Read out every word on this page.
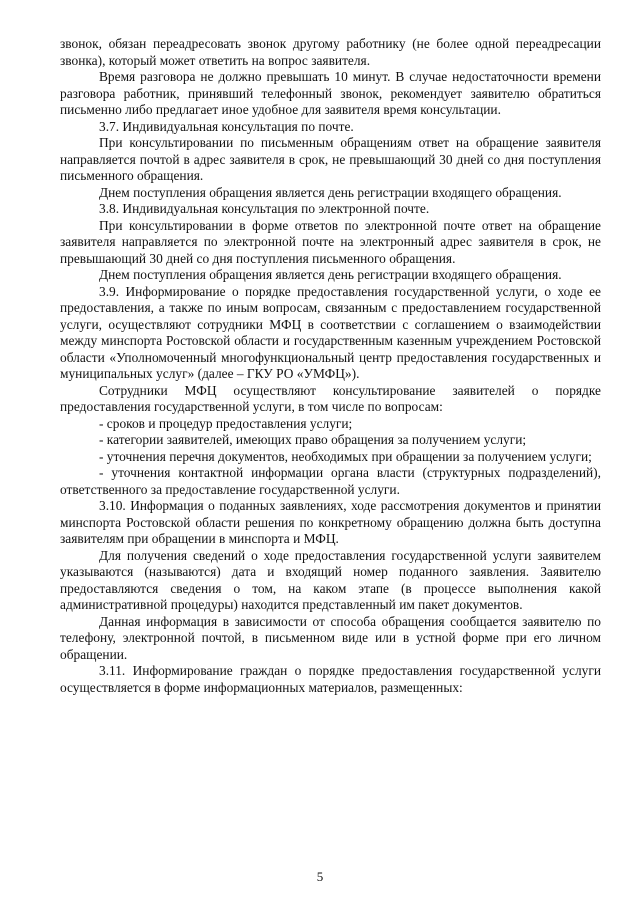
звонок, обязан переадресовать звонок другому работнику (не более одной переадресации звонка), который может ответить на вопрос заявителя.

Время разговора не должно превышать 10 минут. В случае недостаточности времени разговора работник, принявший телефонный звонок, рекомендует заявителю обратиться письменно либо предлагает иное удобное для заявителя время консультации.

3.7. Индивидуальная консультация по почте.

При консультировании по письменным обращениям ответ на обращение заявителя направляется почтой в адрес заявителя в срок, не превышающий 30 дней со дня поступления письменного обращения.

Днем поступления обращения является день регистрации входящего обращения.

3.8. Индивидуальная консультация по электронной почте.

При консультировании в форме ответов по электронной почте ответ на обращение заявителя направляется по электронной почте на электронный адрес заявителя в срок, не превышающий 30 дней со дня поступления письменного обращения.

Днем поступления обращения является день регистрации входящего обращения.

3.9. Информирование о порядке предоставления государственной услуги, о ходе ее предоставления, а также по иным вопросам, связанным с предоставлением государственной услуги, осуществляют сотрудники МФЦ в соответствии с соглашением о взаимодействии между минспорта Ростовской области и государственным казенным учреждением Ростовской области «Уполномоченный многофункциональный центр предоставления государственных и муниципальных услуг» (далее – ГКУ РО «УМФЦ»).

Сотрудники МФЦ осуществляют консультирование заявителей о порядке предоставления государственной услуги, в том числе по вопросам:

- сроков и процедур предоставления услуги;

- категории заявителей, имеющих право обращения за получением услуги;

- уточнения перечня документов, необходимых при обращении за получением услуги;

- уточнения контактной информации органа власти (структурных подразделений), ответственного за предоставление государственной услуги.

3.10. Информация о поданных заявлениях, ходе рассмотрения документов и принятии минспорта Ростовской области решения по конкретному обращению должна быть доступна заявителям при обращении в минспорта и МФЦ.

Для получения сведений о ходе предоставления государственной услуги заявителем указываются (называются) дата и входящий номер поданного заявления. Заявителю предоставляются сведения о том, на каком этапе (в процессе выполнения какой административной процедуры) находится представленный им пакет документов.

Данная информация в зависимости от способа обращения сообщается заявителю по телефону, электронной почтой, в письменном виде или в устной форме при его личном обращении.

3.11. Информирование граждан о порядке предоставления государственной услуги осуществляется в форме информационных материалов, размещенных:

5
